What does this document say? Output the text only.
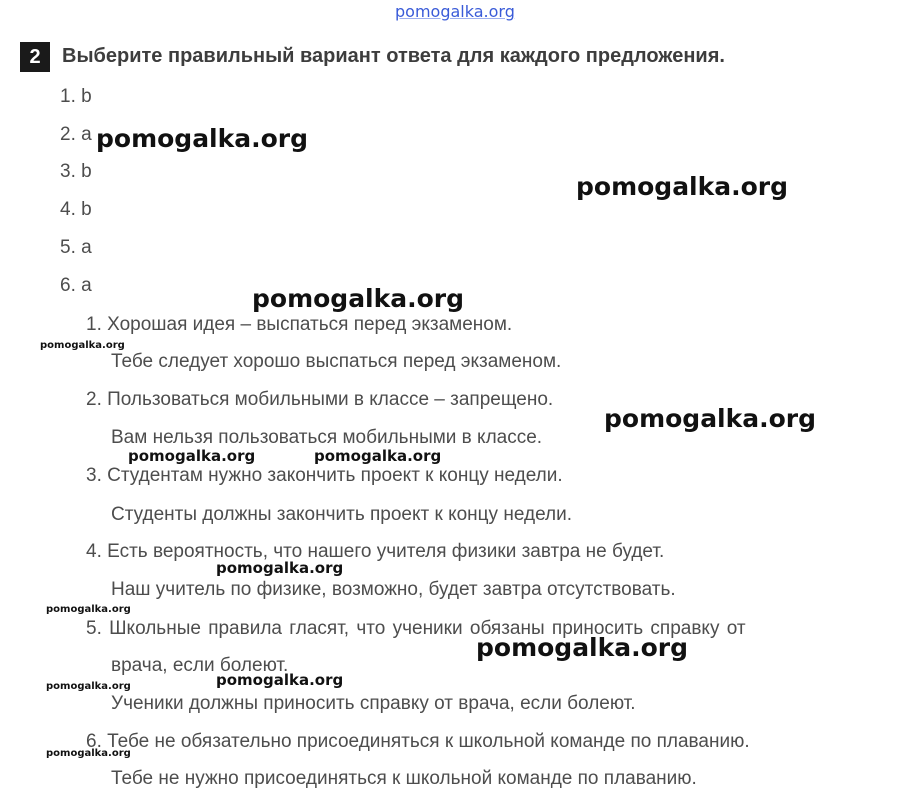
pomogalka.org
2	Выберите правильный вариант ответа для каждого предложения.
1. b
2. a
3. b
4. b
5. a
6. a
1. Хорошая идея – выспаться перед экзаменом.
Тебе следует хорошо выспаться перед экзаменом.
2. Пользоваться мобильными в классе – запрещено.
Вам нельзя пользоваться мобильными в классе.
3. Студентам нужно закончить проект к концу недели.
Студенты должны закончить проект к концу недели.
4. Есть вероятность, что нашего учителя физики завтра не будет.
Наш учитель по физике, возможно, будет завтра отсутствовать.
5. Школьные правила гласят, что ученики обязаны приносить справку от
врача, если болеют.
Ученики должны приносить справку от врача, если болеют.
6. Тебе не обязательно присоединяться к школьной команде по плаванию.
Тебе не нужно присоединяться к школьной команде по плаванию.
pomogalka.org
pomogalka.org
pomogalka.org
pomogalka.org
pomogalka.org
pomogalka.org	pomogalka.org
pomogalka.org
pomogalka.org
pomogalka.org
pomogalka.org
pomogalka.org
pomogalka.org
